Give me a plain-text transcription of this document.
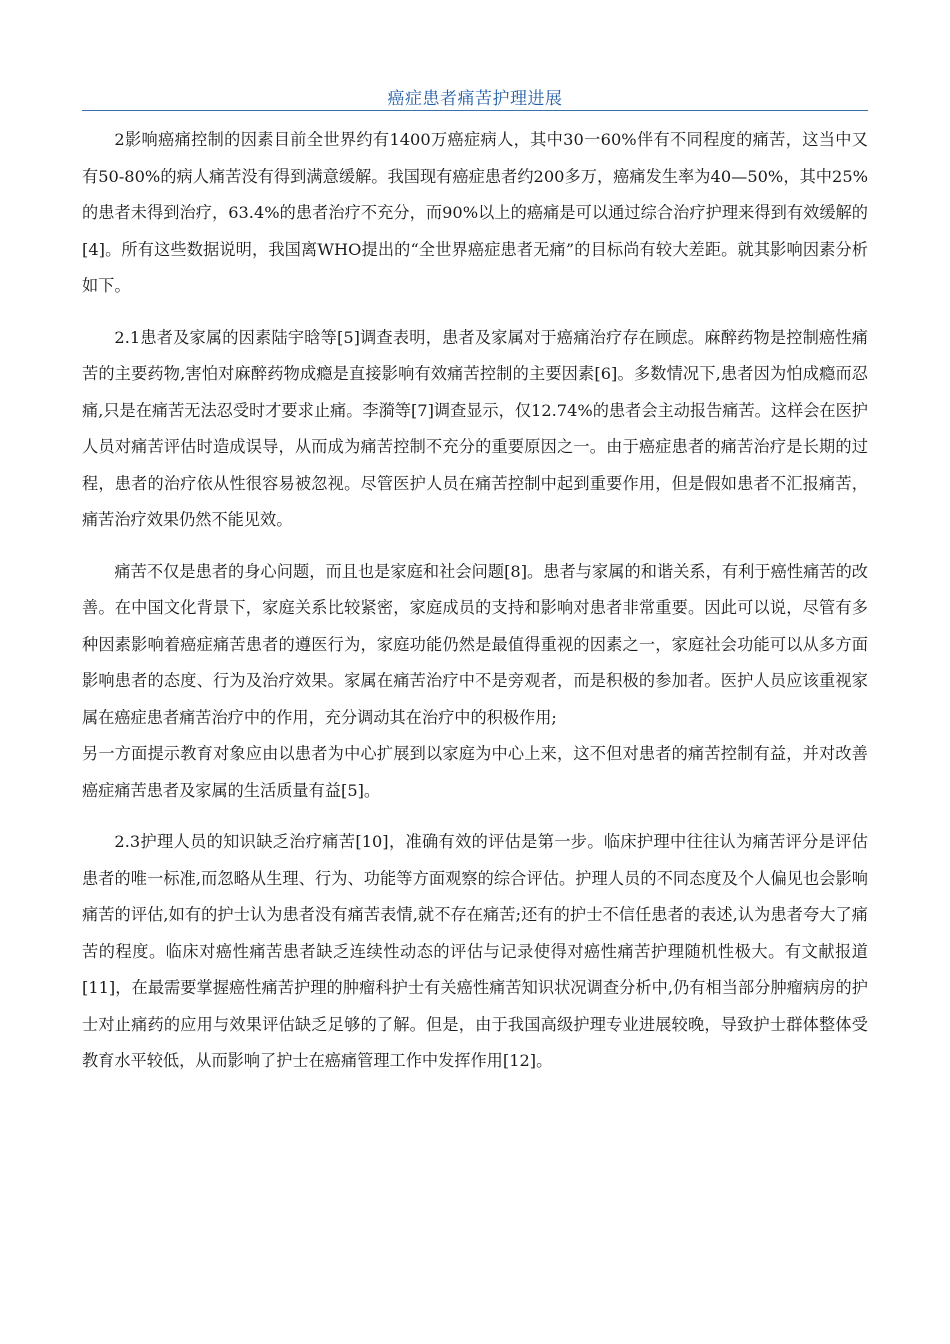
癌症患者痛苦护理进展

2影响癌痛控制的因素目前全世界约有1400万癌症病人，其中30一60%伴有不同程度的痛苦，这当中又有50-80%的病人痛苦没有得到满意缓解。我国现有癌症患者约200多万，癌痛发生率为40—50%，其中25%的患者未得到治疗，63.4%的患者治疗不充分，而90%以上的癌痛是可以通过综合治疗护理来得到有效缓解的[4]。所有这些数据说明，我国离WHO提出的“全世界癌症患者无痛”的目标尚有较大差距。就其影响因素分析如下。

2.1患者及家属的因素陆宇晗等[5]调查表明，患者及家属对于癌痛治疗存在顾虑。麻醉药物是控制癌性痛苦的主要药物,害怕对麻醉药物成瘾是直接影响有效痛苦控制的主要因素[6]。多数情况下,患者因为怕成瘾而忍痛,只是在痛苦无法忍受时才要求止痛。李漪等[7]调查显示，仅12.74%的患者会主动报告痛苦。这样会在医护人员对痛苦评估时造成误导，从而成为痛苦控制不充分的重要原因之一。由于癌症患者的痛苦治疗是长期的过程，患者的治疗依从性很容易被忽视。尽管医护人员在痛苦控制中起到重要作用，但是假如患者不汇报痛苦，痛苦治疗效果仍然不能见效。

痛苦不仅是患者的身心问题，而且也是家庭和社会问题[8]。患者与家属的和谐关系，有利于癌性痛苦的改善。在中国文化背景下，家庭关系比较紧密，家庭成员的支持和影响对患者非常重要。因此可以说，尽管有多种因素影响着癌症痛苦患者的遵医行为，家庭功能仍然是最值得重视的因素之一，家庭社会功能可以从多方面影响患者的态度、行为及治疗效果。家属在痛苦治疗中不是旁观者，而是积极的参加者。医护人员应该重视家属在癌症患者痛苦治疗中的作用，充分调动其在治疗中的积极作用;

另一方面提示教育对象应由以患者为中心扩展到以家庭为中心上来，这不但对患者的痛苦控制有益，并对改善癌症痛苦患者及家属的生活质量有益[5]。

2.3护理人员的知识缺乏治疗痛苦[10]，准确有效的评估是第一步。临床护理中往往认为痛苦评分是评估患者的唯一标准,而忽略从生理、行为、功能等方面观察的综合评估。护理人员的不同态度及个人偏见也会影响痛苦的评估,如有的护士认为患者没有痛苦表情,就不存在痛苦;还有的护士不信任患者的表述,认为患者夸大了痛苦的程度。临床对癌性痛苦患者缺乏连续性动态的评估与记录使得对癌性痛苦护理随机性极大。有文献报道[11]，在最需要掌握癌性痛苦护理的肿瘤科护士有关癌性痛苦知识状况调查分析中,仍有相当部分肿瘤病房的护士对止痛药的应用与效果评估缺乏足够的了解。但是，由于我国高级护理专业进展较晚，导致护士群体整体受教育水平较低，从而影响了护士在癌痛管理工作中发挥作用[12]。
